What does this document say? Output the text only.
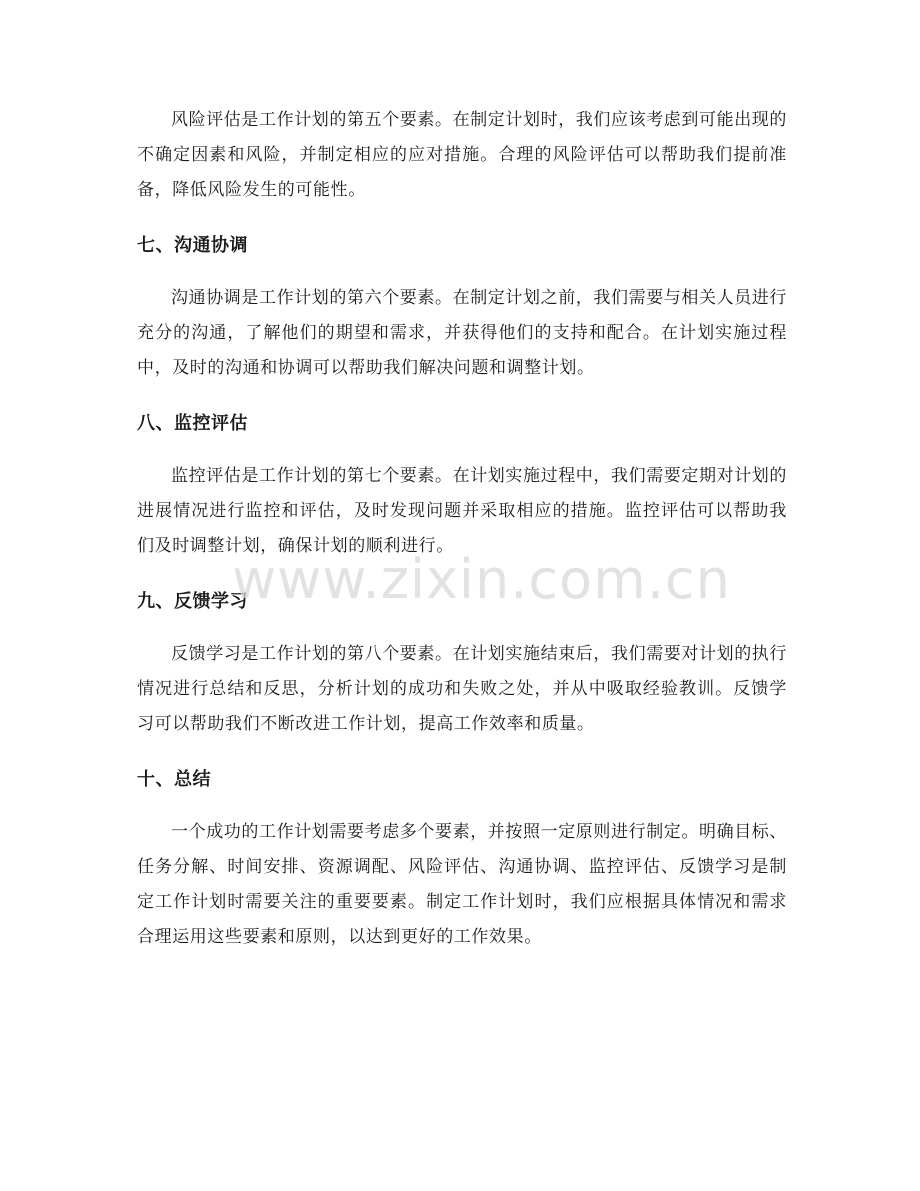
风险评估是工作计划的第五个要素。在制定计划时，我们应该考虑到可能出现的不确定因素和风险，并制定相应的应对措施。合理的风险评估可以帮助我们提前准备，降低风险发生的可能性。

七、沟通协调

沟通协调是工作计划的第六个要素。在制定计划之前，我们需要与相关人员进行充分的沟通，了解他们的期望和需求，并获得他们的支持和配合。在计划实施过程中，及时的沟通和协调可以帮助我们解决问题和调整计划。

八、监控评估

监控评估是工作计划的第七个要素。在计划实施过程中，我们需要定期对计划的进展情况进行监控和评估，及时发现问题并采取相应的措施。监控评估可以帮助我们及时调整计划，确保计划的顺利进行。

九、反馈学习

反馈学习是工作计划的第八个要素。在计划实施结束后，我们需要对计划的执行情况进行总结和反思，分析计划的成功和失败之处，并从中吸取经验教训。反馈学习可以帮助我们不断改进工作计划，提高工作效率和质量。

十、总结

一个成功的工作计划需要考虑多个要素，并按照一定原则进行制定。明确目标、任务分解、时间安排、资源调配、风险评估、沟通协调、监控评估、反馈学习是制定工作计划时需要关注的重要要素。制定工作计划时，我们应根据具体情况和需求合理运用这些要素和原则，以达到更好的工作效果。

www.zixin.com.cn
